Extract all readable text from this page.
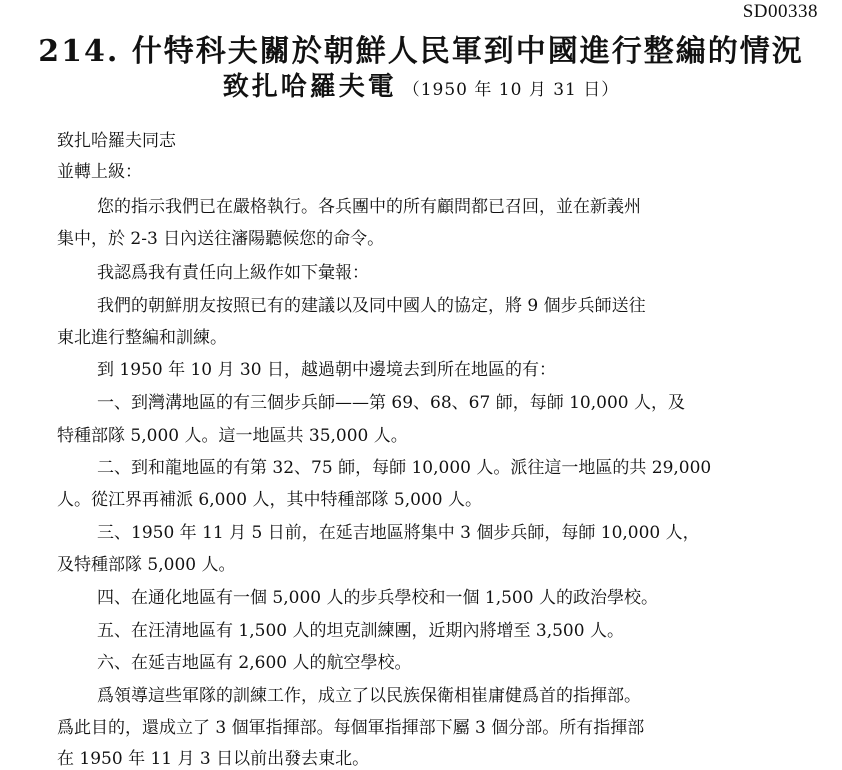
SD00338
214. 什特科夫關於朝鮮人民軍到中國進行整編的情況
致扎哈羅夫電 （1950 年 10 月 31 日）
致扎哈羅夫同志
並轉上級：
您的指示我們已在嚴格執行。各兵團中的所有顧問都已召回，並在新義州
集中，於 2-3 日內送往瀋陽聽候您的命令。
我認爲我有責任向上級作如下彙報：
我們的朝鮮朋友按照已有的建議以及同中國人的協定，將 9 個步兵師送往
東北進行整編和訓練。
到 1950 年 10 月 30 日，越過朝中邊境去到所在地區的有：
一、到灣溝地區的有三個步兵師——第 69、68、67 師，每師 10,000 人，及
特種部隊 5,000 人。這一地區共 35,000 人。
二、到和龍地區的有第 32、75 師，每師 10,000 人。派往這一地區的共 29,000
人。從江界再補派 6,000 人，其中特種部隊 5,000 人。
三、1950 年 11 月 5 日前，在延吉地區將集中 3 個步兵師，每師 10,000 人，
及特種部隊 5,000 人。
四、在通化地區有一個 5,000 人的步兵學校和一個 1,500 人的政治學校。
五、在汪清地區有 1,500 人的坦克訓練團，近期內將增至 3,500 人。
六、在延吉地區有 2,600 人的航空學校。
爲領導這些軍隊的訓練工作，成立了以民族保衛相崔庸健爲首的指揮部。
爲此目的，還成立了 3 個軍指揮部。每個軍指揮部下屬 3 個分部。所有指揮部
在 1950 年 11 月 3 日以前出發去東北。
